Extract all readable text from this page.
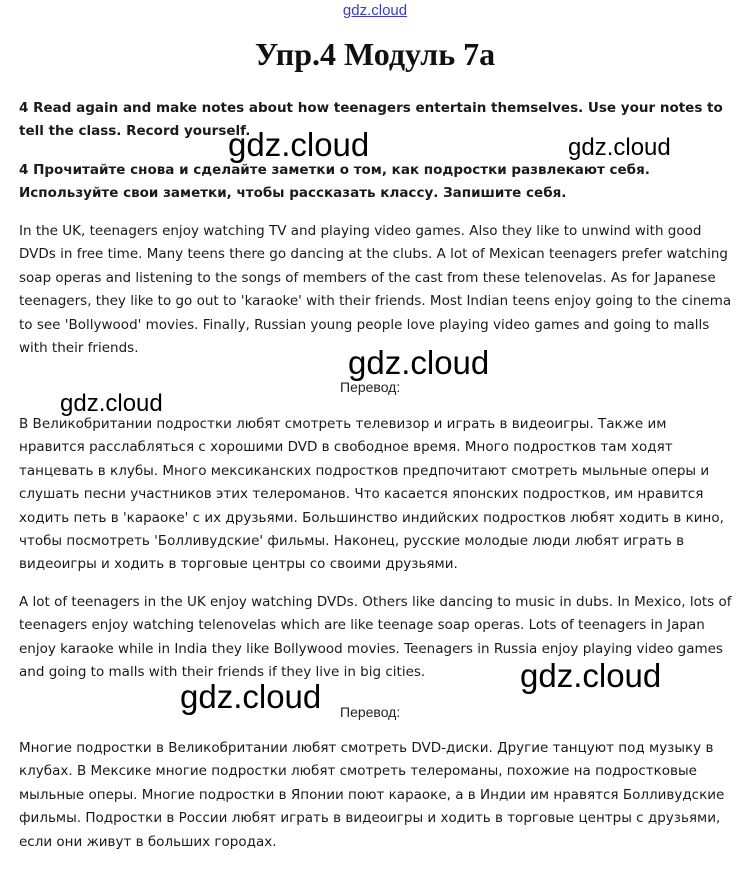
gdz.cloud
Упр.4 Модуль 7а

4 Read again and make notes about how teenagers entertain themselves. Use your notes to tell the class. Record yourself.

4 Прочитайте снова и сделайте заметки о том, как подростки развлекают себя. Используйте свои заметки, чтобы рассказать классу. Запишите себя.

In the UK, teenagers enjoy watching TV and playing video games. Also they like to unwind with good DVDs in free time. Many teens there go dancing at the clubs. A lot of Mexican teenagers prefer watching soap operas and listening to the songs of members of the cast from these telenovelas. As for Japanese teenagers, they like to go out to 'karaoke' with their friends. Most Indian teens enjoy going to the cinema to see 'Bollywood' movies. Finally, Russian young people love playing video games and going to malls with their friends.

Перевод:

В Великобритании подростки любят смотреть телевизор и играть в видеоигры. Также им нравится расслабляться с хорошими DVD в свободное время. Много подростков там ходят танцевать в клубы. Много мексиканских подростков предпочитают смотреть мыльные оперы и слушать песни участников этих телероманов. Что касается японских подростков, им нравится ходить петь в 'караоке' с их друзьями. Большинство индийских подростков любят ходить в кино, чтобы посмотреть 'Болливудские' фильмы. Наконец, русские молодые люди любят играть в видеоигры и ходить в торговые центры со своими друзьями.

A lot of teenagers in the UK enjoy watching DVDs. Others like dancing to music in dubs. In Mexico, lots of teenagers enjoy watching telenovelas which are like teenage soap operas. Lots of teenagers in Japan enjoy karaoke while in India they like Bollywood movies. Teenagers in Russia enjoy playing video games and going to malls with their friends if they live in big cities.

Перевод:

Многие подростки в Великобритании любят смотреть DVD-диски. Другие танцуют под музыку в клубах. В Мексике многие подростки любят смотреть телероманы, похожие на подростковые мыльные оперы. Многие подростки в Японии поют караоке, а в Индии им нравятся Болливудские фильмы. Подростки в России любят играть в видеоигры и ходить в торговые центры с друзьями, если они живут в больших городах.

gdz.cloud	gdz.cloud
gdz.cloud
gdz.cloud
gdz.cloud
gdz.cloud
